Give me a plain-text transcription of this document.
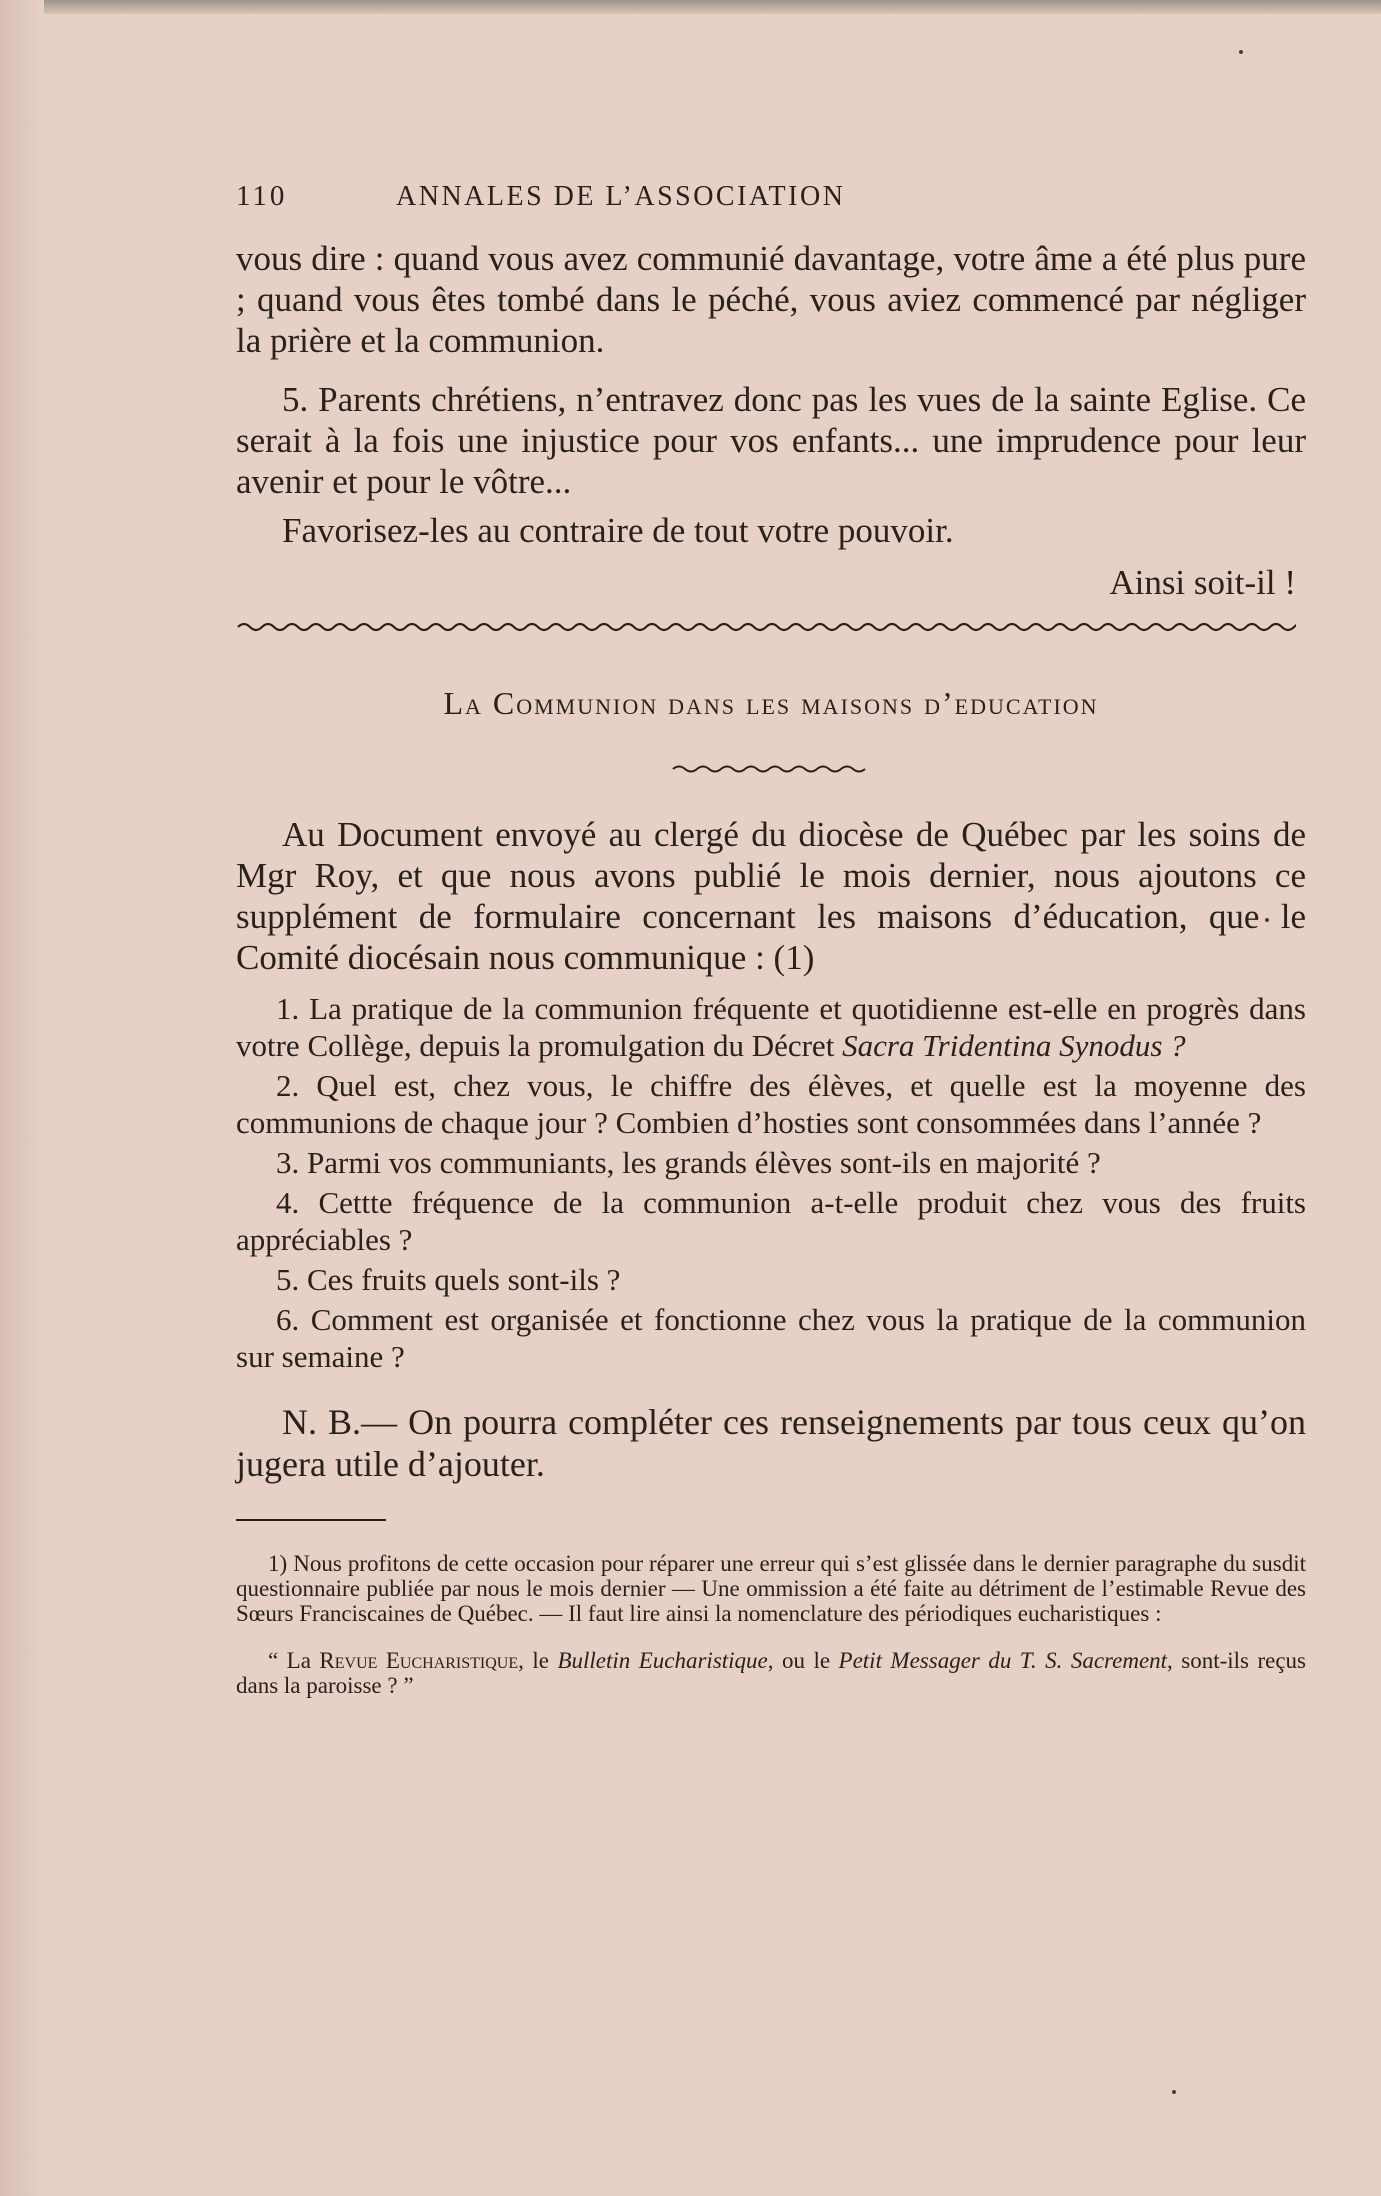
110	ANNALES DE L’ASSOCIATION

vous dire : quand vous avez communié davantage, votre âme a été plus pure ; quand vous êtes tombé dans le péché, vous aviez commencé par négliger la prière et la communion.

5. Parents chrétiens, n’entravez donc pas les vues de la sainte Eglise. Ce serait à la fois une injustice pour vos enfants... une imprudence pour leur avenir et pour le vôtre...

Favorisez-les au contraire de tout votre pouvoir.

Ainsi soit-il !
La Communion dans les maisons d’education

Au Document envoyé au clergé du diocèse de Québec par les soins de Mgr Roy, et que nous avons publié le mois dernier, nous ajoutons ce supplément de formulaire concernant les maisons d’éducation, que le Comité diocésain nous communique : (1)

1. La pratique de la communion fréquente et quotidienne est-elle en progrès dans votre Collège, depuis la promulgation du Décret Sacra Tridentina Synodus ?

2. Quel est, chez vous, le chiffre des élèves, et quelle est la moyenne des communions de chaque jour ? Combien d’hosties sont consommées dans l’année ?

3. Parmi vos communiants, les grands élèves sont-ils en majorité ?

4. Cettte fréquence de la communion a-t-elle produit chez vous des fruits appréciables ?

5. Ces fruits quels sont-ils ?

6. Comment est organisée et fonctionne chez vous la pratique de la communion sur semaine ?

N. B.— On pourra compléter ces renseignements par tous ceux qu’on jugera utile d’ajouter.

1) Nous profitons de cette occasion pour réparer une erreur qui s’est glissée dans le dernier paragraphe du susdit questionnaire publiée par nous le mois dernier — Une ommission a été faite au détriment de l’estimable Revue des Sœurs Franciscaines de Québec. — Il faut lire ainsi la nomenclature des périodiques eucharistiques :

“ La Revue Eucharistique, le Bulletin Eucharistique, ou le Petit Messager du T. S. Sacrement, sont-ils reçus dans la paroisse ? ”
